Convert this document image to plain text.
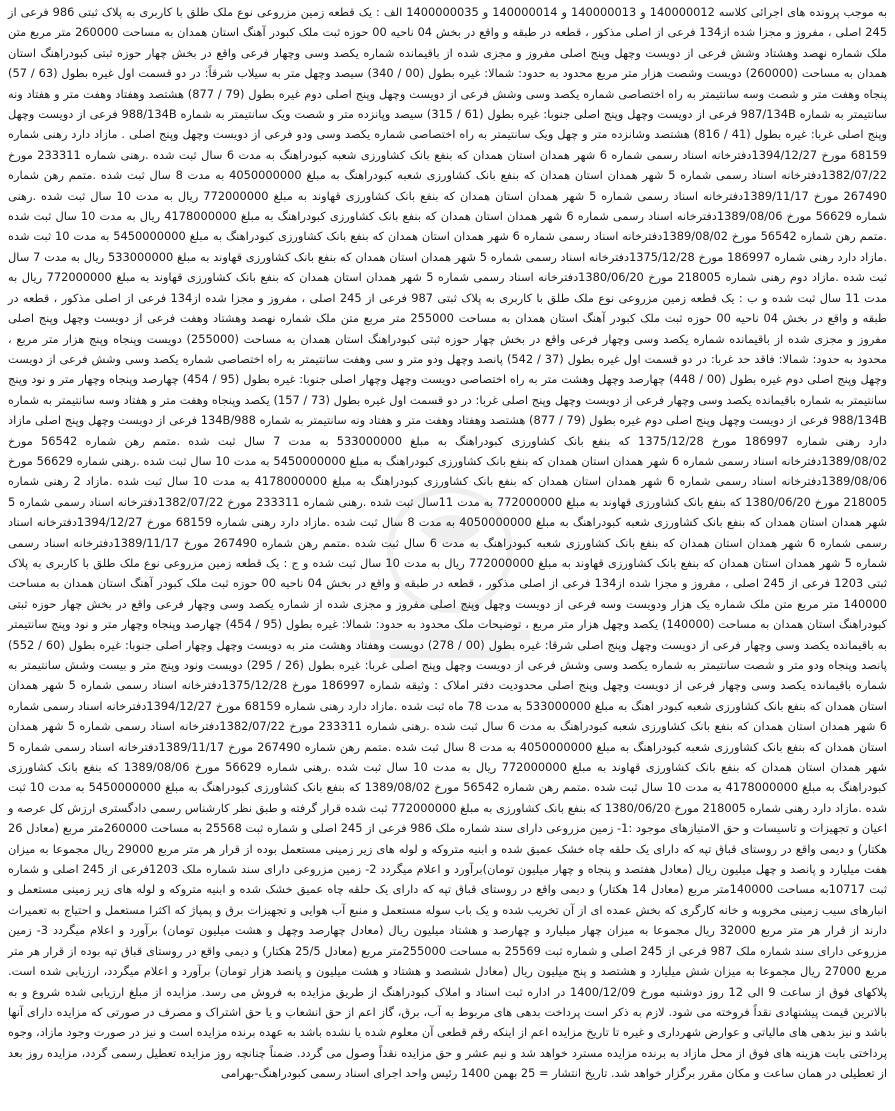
به موجب پرونده های اجرائی کلاسه 140000012 و 140000013 و 140000014 و 1400000035 الف : یک قطعه زمین مزروعی نوع ملک طلق با کاربری به پلاک ثبتی 986 فرعی از 245 اصلی ، مفروز و مجزا شده از134 فرعی از اصلی مذکور ، قطعه در طبقه و واقع در بخش 04 ناحیه 00 حوزه ثبت ملک کبودر آهنگ استان همدان به مساحت 260000 متر مربع متن ملک شماره نهصد وهشتاد وشش فرعی از دویست وچهل وپنج اصلی مفروز و مجزی شده از باقیمانده شماره یکصد وسی وچهار فرعی واقع در بخش چهار حوزه ثبتی کبودراهنگ استان همدان به مساحت (260000) دویست وشصت هزار متر مربع محدود به حدود: شمالا: غیره بطول (00 / 340) سیصد وچهل متر به سیلاب شرقاً: در دو قسمت اول غیره بطول (63 / 57) پنجاه وهفت متر و شصت وسه سانتیمتر به راه اختصاصی شماره یکصد وسی وشش فرعی از دویست وچهل وپنج اصلی دوم غیره بطول (79 / 877) هشتصد وهفتاد وهفت متر و هفتاد ونه سانتیمتر به شماره 987/134B فرعی از دویست وچهل وپنج اصلی جنوبا: غیره بطول (61 / 315) سیصد وپانزده متر و شصت ویک سانتیمتر به شماره 988/134B فرعی از دویست وچهل وپنج اصلی غربا: غیره بطول (41 / 816) هشتصد وشانزده متر و چهل ویک سانتیمتر به راه اختصاصی شماره یکصد وسی ودو فرعی از دویست وچهل وپنج اصلی . مازاد دارد رهنی شماره 68159 مورخ 1394/12/27دفترخانه اسناد رسمی شماره 6 شهر همدان استان همدان که بنفع بانک کشاورزی شعبه کبودراهنگ به مدت 6 سال ثبت شده .رهنی شماره 233311 مورخ 1382/07/22دفترخانه اسناد رسمی شماره 5 شهر همدان استان همدان که بنفع بانک کشاورزی شعبه کبودراهنگ به مبلغ 4050000000 به مدت 8 سال ثبت شده .متمم رهن شماره 267490 مورخ 1389/11/17دفترخانه اسناد رسمی شماره 5 شهر همدان استان همدان که بنفع بانک کشاورزی قهاوند به مبلغ 772000000 ریال به مدت 10 سال ثبت شده .رهنی شماره 56629 مورخ 1389/08/06دفترخانه اسناد رسمی شماره 6 شهر همدان استان همدان که بنفع بانک کشاورزی کبودراهنگ به مبلغ 4178000000 ریال به مدت 10 سال ثبت شده .متمم رهن شماره 56542 مورخ 1389/08/02دفترخانه اسناد رسمی شماره 6 شهر همدان استان همدان که بنفع بانک کشاورزی کبودراهنگ به مبلغ 5450000000 به مدت 10 ثبت شده .مازاد دارد رهنی شماره 186997 مورخ 1375/12/28دفترخانه اسناد رسمی شماره 5 شهر همدان استان همدان که بنفع بانک کشاورزی قهاوند به مبلغ 533000000 ریال به مدت 7 سال ثبت شده .مازاد دوم رهنی شماره 218005 مورخ 1380/06/20دفترخانه اسناد رسمی شماره 5 شهر همدان استان همدان که بنفع بانک کشاورزی قهاوند به مبلغ 772000000 ریال به مدت 11 سال ثبت شده و ب : یک قطعه زمین مزروعی نوع ملک طلق با کاربری به پلاک ثبتی 987 فرعی از 245 اصلی ، مفروز و مجزا شده از134 فرعی از اصلی مذکور ، قطعه در طبقه و واقع در بخش 04 ناحیه 00 حوزه ثبت ملک کبودر آهنگ استان همدان به مساحت 255000 متر مربع متن ملک شماره نهصد وهشتاد وهفت فرعی از دویست وچهل وپنج اصلی مفروز و مجزی شده از باقیمانده شماره یکصد وسی وچهار فرعی واقع در بخش چهار حوزه ثبتی کبودراهنگ استان همدان به مساحت (255000) دویست وپنجاه وپنج هزار متر مربع ، محدود به حدود: شمالا: فاقد حد غربا: در دو قسمت اول غیره بطول (37 / 542) پانصد وچهل ودو متر و سی وهفت سانتیمتر به راه اختصاصی شماره یکصد وسی وشش فرعی از دویست وچهل وپنج اصلی دوم غیره بطول (00 / 448) چهارصد وچهل وهشت متر به راه اختصاصی دویست وچهل وچهار اصلی جنوبا: غیره بطول (95 / 454) چهارصد وپنجاه وچهار متر و نود وپنج سانتیمتر به شماره باقیمانده یکصد وسی وچهار فرعی از دویست وچهل وپنج اصلی غربا: در دو قسمت اول غیره بطول (73 / 157) یکصد وپنجاه وهفت متر و هفتاد وسه سانتیمتر به شماره 988/134B فرعی از دویست وچهل وپنج اصلی دوم غیره بطول (79 / 877) هشتصد وهفتاد وهفت متر و هفتاد ونه سانتیمتر به شماره 134B/988 فرعی از دویست وچهل وپنج اصلی مازاد دارد رهنی شماره 186997 مورخ 1375/12/28 که بنفع بانک کشاورزی کبودراهنگ به مبلغ 533000000 به مدت 7 سال ثبت شده .متمم رهن شماره 56542 مورخ 1389/08/02دفترخانه اسناد رسمی شماره 6 شهر همدان استان همدان که بنفع بانک کشاورزی کبودراهنگ به مبلغ 5450000000 به مدت 10 سال ثبت شده .رهنی شماره 56629 مورخ 1389/08/06دفترخانه اسناد رسمی شماره 6 شهر همدان استان همدان که بنفع بانک کشاورزی کبودراهنگ به مبلغ 4178000000 به مدت 10 سال ثبت شده .مازاد 2 رهنی شماره 218005 مورخ 1380/06/20 که بنفع بانک کشاورزی قهاوند به مبلغ 772000000 به مدت 11سال ثبت شده .رهنی شماره 233311 مورخ 1382/07/22دفترخانه اسناد رسمی شماره 5 شهر همدان استان همدان که بنفع بانک کشاورزی شعبه کبودراهنگ به مبلغ 4050000000 به مدت 8 سال ثبت شده .مازاد دارد رهنی شماره 68159 مورخ 1394/12/27دفترخانه اسناد رسمی شماره 6 شهر همدان استان همدان که بنفع بانک کشاورزی شعبه کبودراهنگ به مدت 6 سال ثبت شده .متمم رهن شماره 267490 مورخ 1389/11/17دفترخانه اسناد رسمی شماره 5 شهر همدان استان همدان که بنفع بانک کشاورزی قهاوند به مبلغ 772000000 ریال به مدت 10 سال ثبت شده و ج : یک قطعه زمین مزروعی نوع ملک طلق با کاربری به پلاک ثبتی 1203 فرعی از 245 اصلی ، مفروز و مجزا شده از134 فرعی از اصلی مذکور ، قطعه در طبقه و واقع در بخش 04 ناحیه 00 حوزه ثبت ملک کبودر آهنگ استان همدان به مساحت 140000 متر مربع متن ملک شماره یک هزار ودویست وسه فرعی از دویست وچهل وپنج اصلی مفروز و مجزی شده از شماره یکصد وسی وچهار فرعی واقع در بخش چهار حوزه ثبتی کبودراهنگ استان همدان به مساحت (140000) یکصد وچهل هزار متر مربع ، توضیحات ملک محدود به حدود: شمالا: غیره بطول (95 / 454) چهارصد وپنجاه وچهار متر و نود وپنج سانتیمتر به باقیمانده یکصد وسی وچهار فرعی از دویست وچهل وپنج اصلی شرقا: غیره بطول (00 / 278) دویست وهفتاد وهشت متر به دویست وچهل وچهار اصلی جنوبا: غیره بطول (60 / 552) پانصد وپنجاه ودو متر و شصت سانتیمتر به شماره یکصد وسی وشش فرعی از دویست وچهل وپنج اصلی غربا: غیره بطول (26 / 295) دویست ونود وپنج متر و بیست وشش سانتیمتر به شماره باقیمانده یکصد وسی وچهار فرعی از دویست وچهل وپنج اصلی محدودیت دفتر املاک : وثیقه شماره 186997 مورخ 1375/12/28دفترخانه اسناد رسمی شماره 5 شهر همدان استان همدان که بنفع بانک کشاورزی شعبه کبودر اهنگ به مبلغ 533000000 به مدت 78 ماه ثبت شده .مازاد دارد رهنی شماره 68159 مورخ 1394/12/27دفترخانه اسناد رسمی شماره 6 شهر همدان استان همدان که بنفع بانک کشاورزی شعبه کبودراهنگ به مدت 6 سال ثبت شده .رهنی شماره 233311 مورخ 1382/07/22دفترخانه اسناد رسمی شماره 5 شهر همدان استان همدان که بنفع بانک کشاورزی شعبه کبودراهنگ به مبلغ 4050000000 به مدت 8 سال ثبت شده .متمم رهن شماره 267490 مورخ 1389/11/17دفترخانه اسناد رسمی شماره 5 شهر همدان استان همدان که بنفع بانک کشاورزی قهاوند به مبلغ 772000000 ریال به مدت 10 سال ثبت شده .رهنی شماره 56629 مورخ 1389/08/06 که بنفع بانک کشاورزی کبودراهنگ به مبلغ 4178000000 به مدت 10 سال ثبت شده .متمم رهن شماره 56542 مورخ 1389/08/02 که بنفع بانک کشاورزی کبودراهنگ به مبلغ 5450000000 به مدت 10 ثبت شده .مازاد دارد رهنی شماره 218005 مورخ 1380/06/20 که بنفع بانک کشاورزی به مبلغ 772000000 ثبت شده قرار گرفته و طبق نظر کارشناس رسمی دادگستری ارزش کل عرصه و اعیان و تجهیزات و تاسیسات و حق الامتیازهای موجود :1- زمین مزروعی دارای سند شماره ملک 986 فرعی از 245 اصلی و شماره ثبت 25568 به مساحت 260000متر مربع (معادل 26 هکتار) و دیمی واقع در روستای قباق تپه که دارای یک حلقه چاه خشک عمیق شده و ابنیه متروکه و لوله های زیر زمینی مستعمل بوده از قرار هر متر مربع 29000 ریال مجموعا به میزان هفت میلیارد و پانصد و چهل میلیون ریال (معادل هفتصد و پنجاه و چهار میلیون تومان)برآورد و اعلام میگردد 2- زمین مزروعی دارای سند شماره ملک 1203فرعی از 245 اصلی و شماره ثبت 10717به مساحت 140000متر مربع (معادل 14 هکتار) و دیمی واقع در روستای قباق تپه که دارای یک حلقه چاه عمیق خشک شده و ابنیه متروکه و لوله های زیر زمینی مستعمل و انبارهای سیب زمینی مخروبه و خانه کارگری که بخش عمده ای از آن تخریب شده و یک باب سوله مستعمل و منبع آب هوایی و تجهیزات برق و پمپاژ که اکثرا مستعمل و احتیاج به تعمیرات دارند از قرار هر متر مربع 32000 ریال مجموعا به میزان چهار میلیارد و چهارصد و هشتاد میلیون ریال (معادل چهارصد وچهل و هشت میلیون تومان) برآورد و اعلام میگردد 3- زمین مزروعی دارای سند شماره ملک 987 فرعی از 245 اصلی و شماره ثبت 25569 به مساحت 255000متر مربع (معادل 25/5 هکتار) و دیمی واقع در روستای قباق تپه بوده از قرار هر متر مربع 27000 ریال مجموعا به میزان شش میلیارد و هشتصد و پنج میلیون ریال (معادل ششصد و هشتاد و هشت میلیون و پانصد هزار تومان) برآورد و اعلام میگردد، ارزیابی شده است. پلاکهای فوق از ساعت 9 الی 12 روز دوشنبه مورخ 1400/12/09 در اداره ثبت اسناد و املاک کبودراهنگ از طریق مزایده به فروش می رسد. مزایده از مبلغ ارزیابی شده شروع و به بالاترین قیمت پیشنهادی نقداً فروخته می شود. لازم به ذکر است پرداخت بدهی های مربوط به آب، برق، گاز اعم از حق انشعاب و یا حق اشتراک و مصرف در صورتی که مزایده دارای آنها باشد و نیز بدهی های مالیاتی و عوارض شهرداری و غیره تا تاریخ مزایده اعم از اینکه رقم قطعی آن معلوم شده یا نشده باشد به عهده برنده مزایده است و نیز در صورت وجود مازاد، وجوه پرداختی بابت هزینه های فوق از محل مازاد به برنده مزایده مسترد خواهد شد و نیم عشر و حق مزایده نقداً وصول می گردد. ضمناً چنانچه روز مزایده تعطیل رسمی گردد، مزایده روز بعد از تعطیلی در همان ساعت و مکان مقرر برگزار خواهد شد. تاریخ انتشار = 25 بهمن 1400 رئیس واحد اجرای اسناد رسمی کبودراهنگ-بهرامی
